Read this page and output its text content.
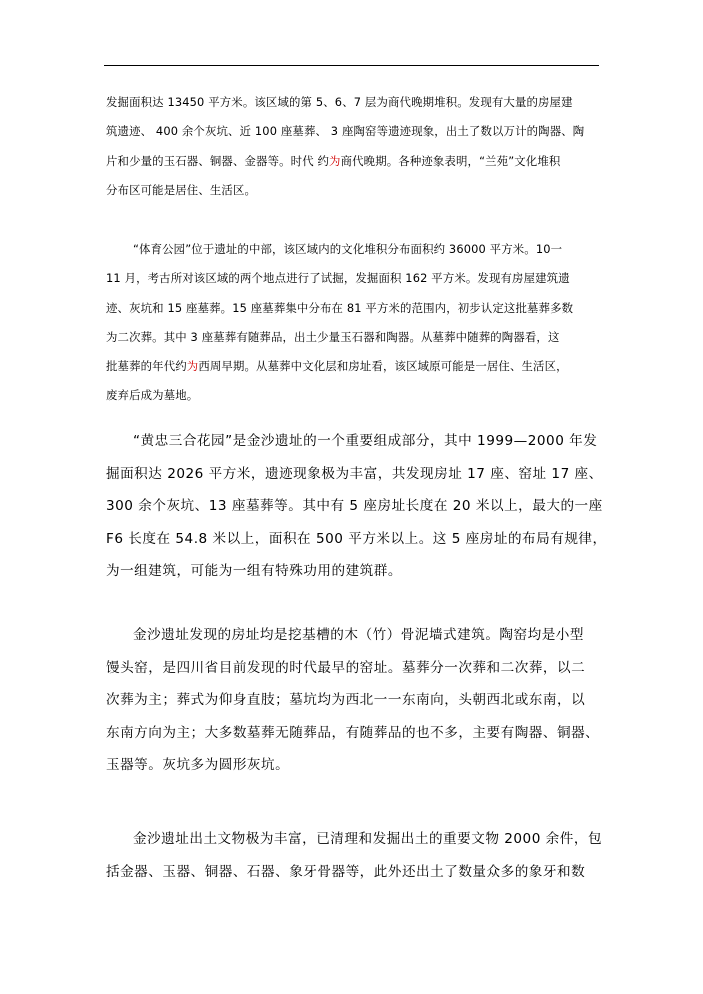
发掘面积达 13450 平方米。该区域的第 5、6、7 层为商代晚期堆积。发现有大量的房屋建
筑遗迹、 400 余个灰坑、近 100 座墓葬、 3 座陶窑等遗迹现象，出土了数以万计的陶器、陶
片和少量的玉石器、铜器、金器等。时代 约为商代晚期。各种迹象表明，“兰苑”文化堆积
分布区可能是居住、生活区。
“体育公园”位于遗址的中部，该区域内的文化堆积分布面积约 36000 平方米。10一
11 月，考古所对该区域的两个地点进行了试掘，发掘面积 162 平方米。发现有房屋建筑遗
迹、灰坑和 15 座墓葬。15 座墓葬集中分布在 81 平方米的范围内，初步认定这批墓葬多数
为二次葬。其中 3 座墓葬有随葬品，出土少量玉石器和陶器。从墓葬中随葬的陶器看，这
批墓葬的年代约为西周早期。从墓葬中文化层和房址看，该区域原可能是一居住、生活区，
废弃后成为墓地。
“黄忠三合花园”是金沙遗址的一个重要组成部分，其中 1999—2000 年发
掘面积达 2026 平方米，遗迹现象极为丰富，共发现房址 17 座、窑址 17 座、
300 余个灰坑、13 座墓葬等。其中有 5 座房址长度在 20 米以上，最大的一座
F6 长度在 54.8 米以上，面积在 500 平方米以上。这 5 座房址的布局有规律，
为一组建筑，可能为一组有特殊功用的建筑群。
金沙遗址发现的房址均是挖基槽的木（竹）骨泥墙式建筑。陶窑均是小型
馒头窑，是四川省目前发现的时代最早的窑址。墓葬分一次葬和二次葬，以二
次葬为主；葬式为仰身直肢；墓坑均为西北一一东南向，头朝西北或东南，以
东南方向为主；大多数墓葬无随葬品，有随葬品的也不多，主要有陶器、铜器、
玉器等。灰坑多为圆形灰坑。
金沙遗址出土文物极为丰富，已清理和发掘出土的重要文物 2000 余件，包
括金器、玉器、铜器、石器、象牙骨器等，此外还出土了数量众多的象牙和数
